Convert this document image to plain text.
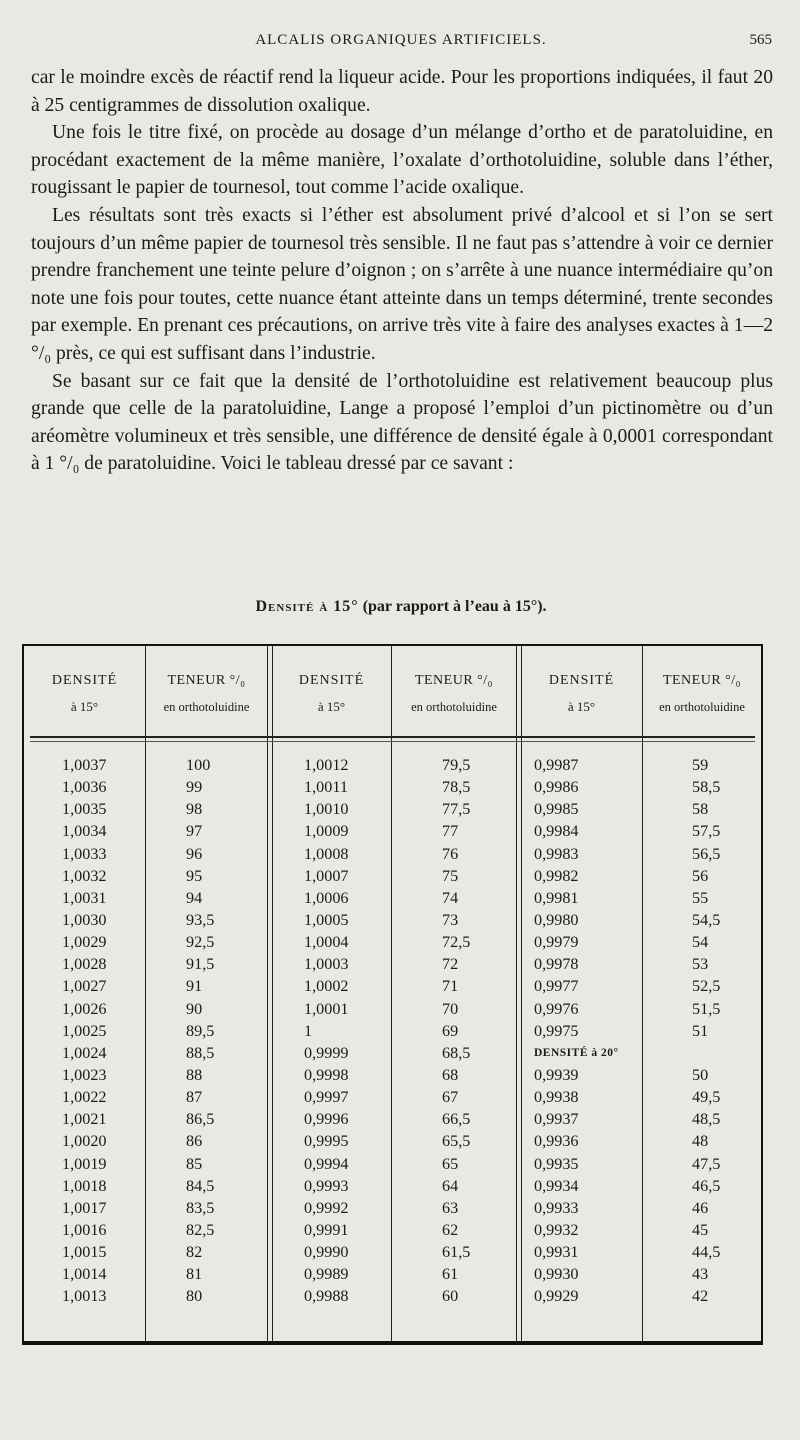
ALCALIS ORGANIQUES ARTIFICIELS.	565

car le moindre excès de réactif rend la liqueur acide. Pour les proportions indiquées, il faut 20 à 25 centigrammes de dissolution oxalique.

Une fois le titre fixé, on procède au dosage d’un mélange d’ortho et de paratoluidine, en procédant exactement de la même manière, l’oxalate d’orthotoluidine, soluble dans l’éther, rougissant le papier de tournesol, tout comme l’acide oxalique.

Les résultats sont très exacts si l’éther est absolument privé d’alcool et si l’on se sert toujours d’un même papier de tournesol très sensible. Il ne faut pas s’attendre à voir ce dernier prendre franchement une teinte pelure d’oignon ; on s’arrête à une nuance intermédiaire qu’on note une fois pour toutes, cette nuance étant atteinte dans un temps déterminé, trente secondes par exemple. En prenant ces précautions, on arrive très vite à faire des analyses exactes à 1—2 °/₀ près, ce qui est suffisant dans l’industrie.

Se basant sur ce fait que la densité de l’orthotoluidine est relativement beaucoup plus grande que celle de la paratoluidine, Lange a proposé l’emploi d’un pictinomètre ou d’un aréomètre volumineux et très sensible, une différence de densité égale à 0,0001 correspondant à 1 °/₀ de paratoluidine. Voici le tableau dressé par ce savant :

Densité à 15° (par rapport à l’eau à 15°).
DENSITÉ
à 15°
TENEUR °/₀
en orthotoluidine
DENSITÉ
à 15°
TENEUR °/₀
en orthotoluidine
DENSITÉ
à 15°
TENEUR °/₀
en orthotoluidine
1,0037
1,0036
1,0035
1,0034
1,0033
1,0032
1,0031
1,0030
1,0029
1,0028
1,0027
1,0026
1,0025
1,0024
1,0023
1,0022
1,0021
1,0020
1,0019
1,0018
1,0017
1,0016
1,0015
1,0014
1,0013
100
99
98
97
96
95
94
93,5
92,5
91,5
91
90
89,5
88,5
88
87
86,5
86
85
84,5
83,5
82,5
82
81
80
1,0012
1,0011
1,0010
1,0009
1,0008
1,0007
1,0006
1,0005
1,0004
1,0003
1,0002
1,0001
1
0,9999
0,9998
0,9997
0,9996
0,9995
0,9994
0,9993
0,9992
0,9991
0,9990
0,9989
0,9988
79,5
78,5
77,5
77
76
75
74
73
72,5
72
71
70
69
68,5
68
67
66,5
65,5
65
64
63
62
61,5
61
60
0,9987
0,9986
0,9985
0,9984
0,9983
0,9982
0,9981
0,9980
0,9979
0,9978
0,9977
0,9976
0,9975
DENSITÉ à 20°
0,9939
0,9938
0,9937
0,9936
0,9935
0,9934
0,9933
0,9932
0,9931
0,9930
0,9929
59
58,5
58
57,5
56,5
56
55
54,5
54
53
52,5
51,5
51
50
49,5
48,5
48
47,5
46,5
46
45
44,5
43
42
